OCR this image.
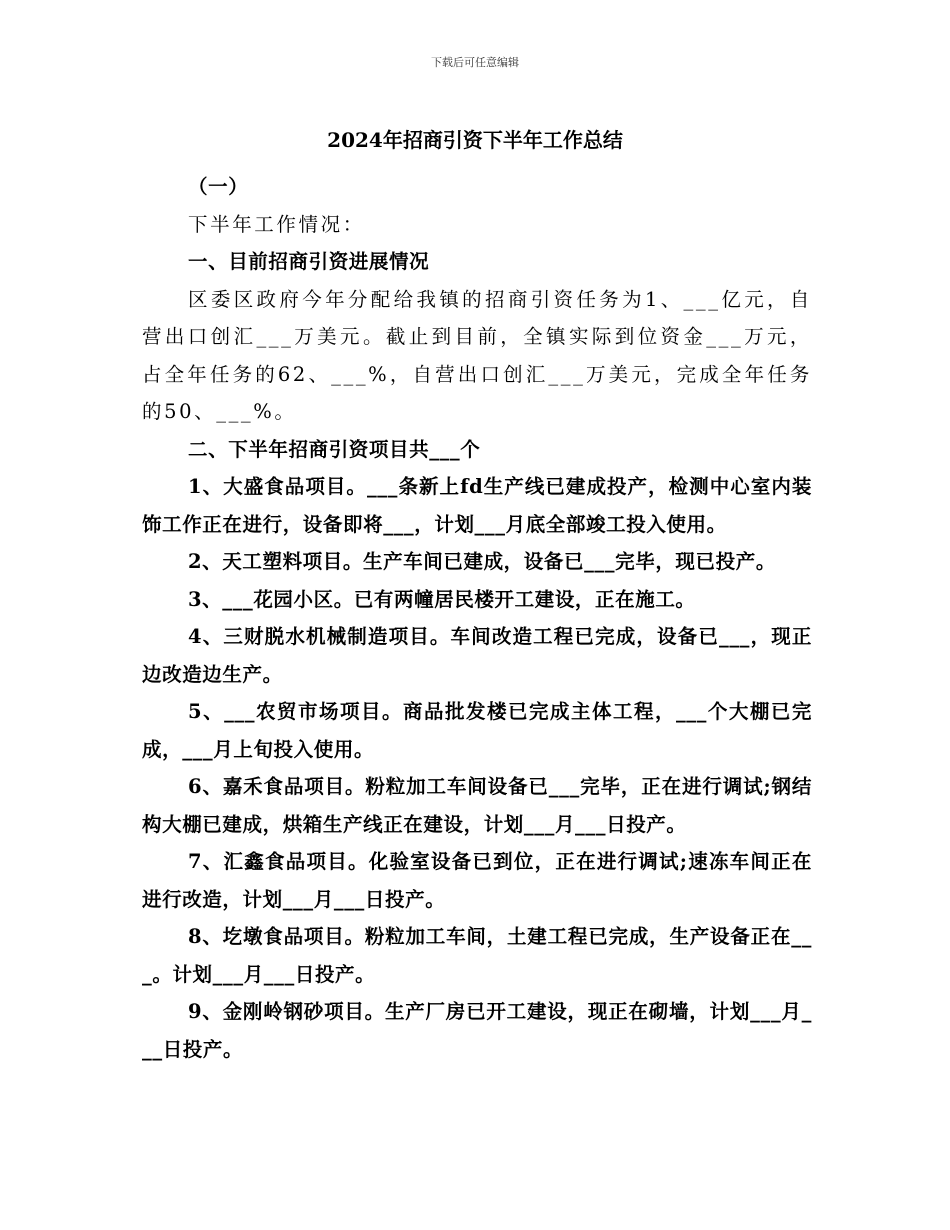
下载后可任意编辑
2024年招商引资下半年工作总结

（一）

下半年工作情况：

一、目前招商引资进展情况

区委区政府今年分配给我镇的招商引资任务为1、___亿元，自营出口创汇___万美元。截止到目前，全镇实际到位资金___万元，占全年任务的62、___%，自营出口创汇___万美元，完成全年任务的50、___%。

二、下半年招商引资项目共___个

1、大盛食品项目。___条新上fd生产线已建成投产，检测中心室内装饰工作正在进行，设备即将___，计划___月底全部竣工投入使用。

2、天工塑料项目。生产车间已建成，设备已___完毕，现已投产。

3、___花园小区。已有两幢居民楼开工建设，正在施工。

4、三财脱水机械制造项目。车间改造工程已完成，设备已___，现正边改造边生产。

5、___农贸市场项目。商品批发楼已完成主体工程，___个大棚已完成，___月上旬投入使用。

6、嘉禾食品项目。粉粒加工车间设备已___完毕，正在进行调试;钢结构大棚已建成，烘箱生产线正在建设，计划___月___日投产。

7、汇鑫食品项目。化验室设备已到位，正在进行调试;速冻车间正在进行改造，计划___月___日投产。

8、圪墩食品项目。粉粒加工车间，土建工程已完成，生产设备正在___。计划___月___日投产。

9、金刚岭钢砂项目。生产厂房已开工建设，现正在砌墙，计划___月___日投产。
